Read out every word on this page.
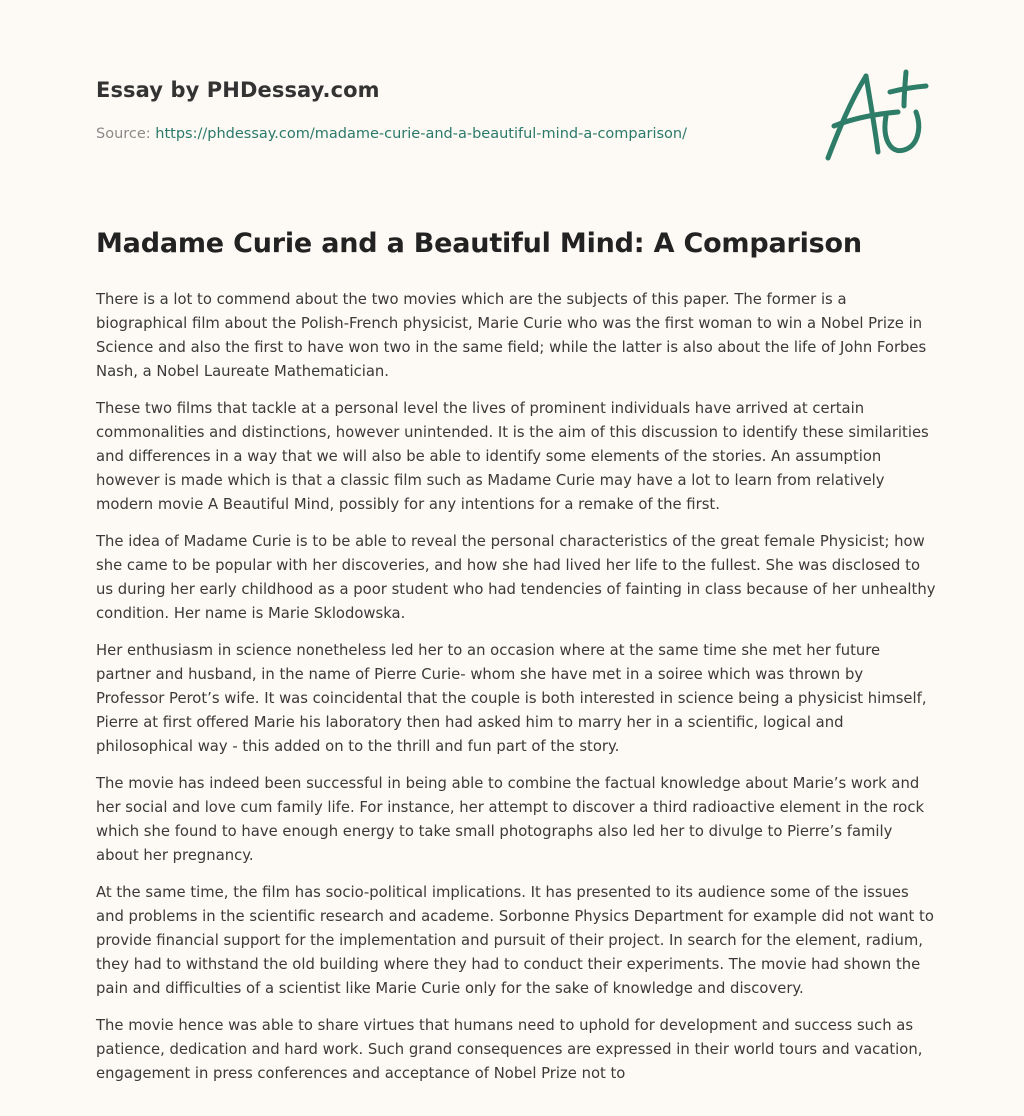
Essay by PHDessay.com
Source: https://phdessay.com/madame-curie-and-a-beautiful-mind-a-comparison/
Madame Curie and a Beautiful Mind: A Comparison

There is a lot to commend about the two movies which are the subjects of this paper. The former is a biographical film about the Polish-French physicist, Marie Curie who was the first woman to win a Nobel Prize in Science and also the first to have won two in the same field; while the latter is also about the life of John Forbes Nash, a Nobel Laureate Mathematician.

These two films that tackle at a personal level the lives of prominent individuals have arrived at certain commonalities and distinctions, however unintended. It is the aim of this discussion to identify these similarities and differences in a way that we will also be able to identify some elements of the stories. An assumption however is made which is that a classic film such as Madame Curie may have a lot to learn from relatively modern movie A Beautiful Mind, possibly for any intentions for a remake of the first.

The idea of Madame Curie is to be able to reveal the personal characteristics of the great female Physicist; how she came to be popular with her discoveries, and how she had lived her life to the fullest. She was disclosed to us during her early childhood as a poor student who had tendencies of fainting in class because of her unhealthy condition. Her name is Marie Sklodowska.

Her enthusiasm in science nonetheless led her to an occasion where at the same time she met her future partner and husband, in the name of Pierre Curie- whom she have met in a soiree which was thrown by Professor Perot’s wife. It was coincidental that the couple is both interested in science being a physicist himself, Pierre at first offered Marie his laboratory then had asked him to marry her in a scientific, logical and philosophical way - this added on to the thrill and fun part of the story.

The movie has indeed been successful in being able to combine the factual knowledge about Marie’s work and her social and love cum family life. For instance, her attempt to discover a third radioactive element in the rock which she found to have enough energy to take small photographs also led her to divulge to Pierre’s family about her pregnancy.

At the same time, the film has socio-political implications. It has presented to its audience some of the issues and problems in the scientific research and academe. Sorbonne Physics Department for example did not want to provide financial support for the implementation and pursuit of their project. In search for the element, radium, they had to withstand the old building where they had to conduct their experiments. The movie had shown the pain and difficulties of a scientist like Marie Curie only for the sake of knowledge and discovery.

The movie hence was able to share virtues that humans need to uphold for development and success such as patience, dedication and hard work. Such grand consequences are expressed in their world tours and vacation, engagement in press conferences and acceptance of Nobel Prize not to
